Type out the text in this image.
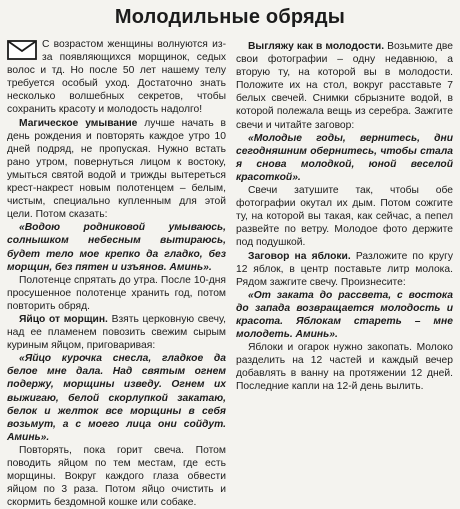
Молодильные обряды

С возрастом женщины волнуются из-за появляющихся морщинок, седых волос и тд. Но после 50 лет нашему телу требуется особый уход. Достаточно знать несколько волшебных секретов, чтобы сохранить красоту и молодость надолго!

Магическое умывание лучше начать в день рождения и повторять каждое утро 10 дней подряд, не пропуская. Нужно встать рано утром, повернуться лицом к востоку, умыться святой водой и трижды вытереться крест-накрест новым полотенцем – белым, чистым, специально купленным для этой цели. Потом сказать:

«Водою родниковой умываюсь, солнышком небесным вытираюсь, будет тело мое крепко да гладко, без морщин, без пятен и изъянов. Аминь».

Полотенце спрятать до утра. После 10-дня просушенное полотенце хранить год, потом повторить обряд.

Яйцо от морщин. Взять церковную свечу, над ее пламенем повозить свежим сырым куриным яйцом, приговаривая:

«Яйцо курочка снесла, гладкое да белое мне дала. Над святым огнем подержу, морщины изведу. Огнем их выжигаю, белой скорлупкой закатаю, белок и желток все морщины в себя возьмут, а с моего лица они сойдут. Аминь».

Повторять, пока горит свеча. Потом поводить яйцом по тем местам, где есть морщины. Вокруг каждого глаза обвести яйцом по 3 раза. Потом яйцо очистить и скормить бездомной кошке или собаке.

Выгляжу как в молодости. Возьмите две свои фотографии – одну недавнюю, а вторую ту, на которой вы в молодости. Положите их на стол, вокруг расставьте 7 белых свечей. Снимки сбрызните водой, в которой полежала вещь из серебра. Зажгите свечи и читайте заговор:

«Молодые годы, вернитесь, дни сегодняшним обернитесь, чтобы стала я снова молодкой, юной веселой красоткой».

Свечи затушите так, чтобы обе фотографии окутал их дым. Потом сожгите ту, на которой вы такая, как сейчас, а пепел развейте по ветру. Молодое фото держите под подушкой.

Заговор на яблоки. Разложите по кругу 12 яблок, в центр поставьте литр молока. Рядом зажгите свечу. Произнесите:

«От заката до рассвета, с востока до запада возвращается молодость и красота. Яблокам стареть – мне молодеть. Аминь».

Яблоки и огарок нужно закопать. Молоко разделить на 12 частей и каждый вечер добавлять в ванну на протяжении 12 дней. Последние капли на 12-й день вылить.
